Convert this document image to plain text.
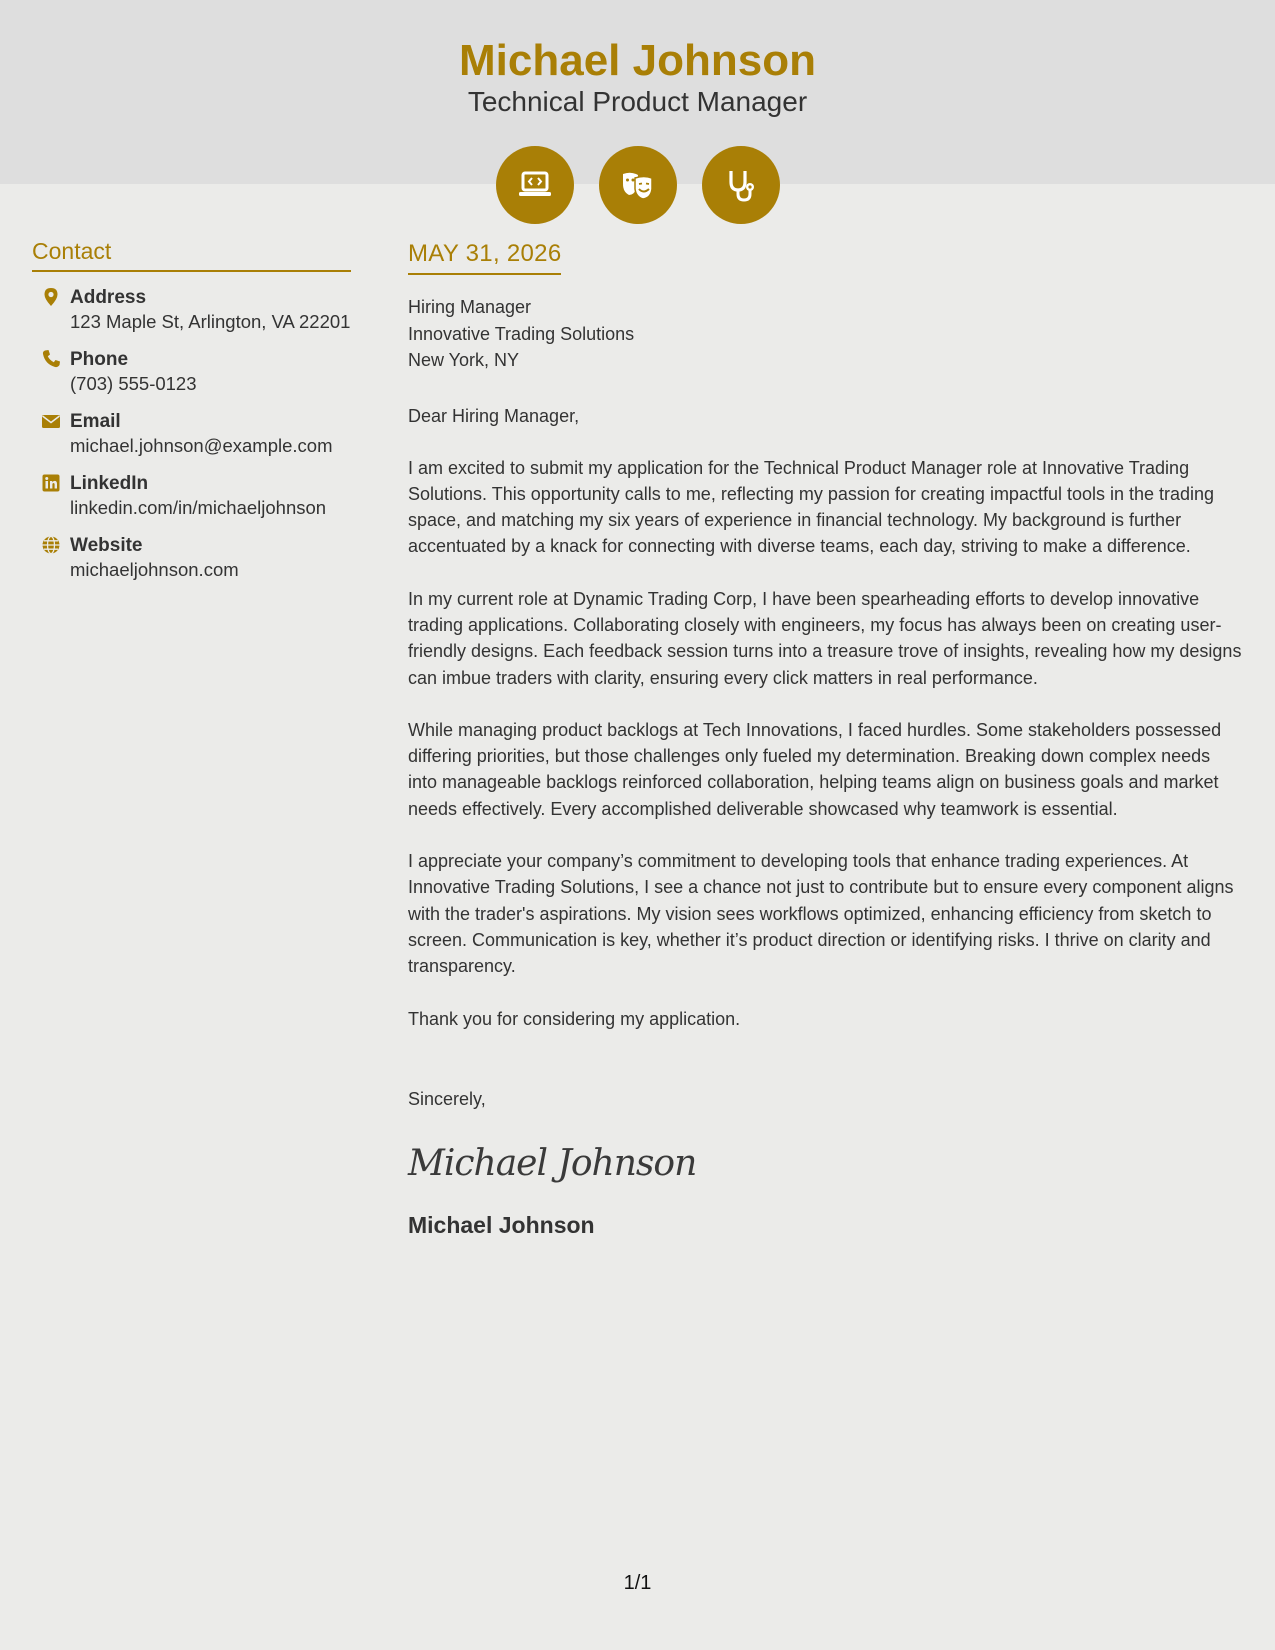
Michael Johnson
Technical Product Manager
Contact
Address
123 Maple St, Arlington, VA 22201
Phone
(703) 555-0123
Email
michael.johnson@example.com
LinkedIn
linkedin.com/in/michaeljohnson
Website
michaeljohnson.com
MAY 31, 2026
Hiring Manager
Innovative Trading Solutions
New York, NY
Dear Hiring Manager,

I am excited to submit my application for the Technical Product Manager role at Innovative Trading Solutions. This opportunity calls to me, reflecting my passion for creating impactful tools in the trading space, and matching my six years of experience in financial technology. My background is further accentuated by a knack for connecting with diverse teams, each day, striving to make a difference.

In my current role at Dynamic Trading Corp, I have been spearheading efforts to develop innovative trading applications. Collaborating closely with engineers, my focus has always been on creating user-friendly designs. Each feedback session turns into a treasure trove of insights, revealing how my designs can imbue traders with clarity, ensuring every click matters in real performance.

While managing product backlogs at Tech Innovations, I faced hurdles. Some stakeholders possessed differing priorities, but those challenges only fueled my determination. Breaking down complex needs into manageable backlogs reinforced collaboration, helping teams align on business goals and market needs effectively. Every accomplished deliverable showcased why teamwork is essential.

I appreciate your company’s commitment to developing tools that enhance trading experiences. At Innovative Trading Solutions, I see a chance not just to contribute but to ensure every component aligns with the trader's aspirations. My vision sees workflows optimized, enhancing efficiency from sketch to screen. Communication is key, whether it’s product direction or identifying risks. I thrive on clarity and transparency.

Thank you for considering my application.

Sincerely,
Michael Johnson
Michael Johnson
1/1
